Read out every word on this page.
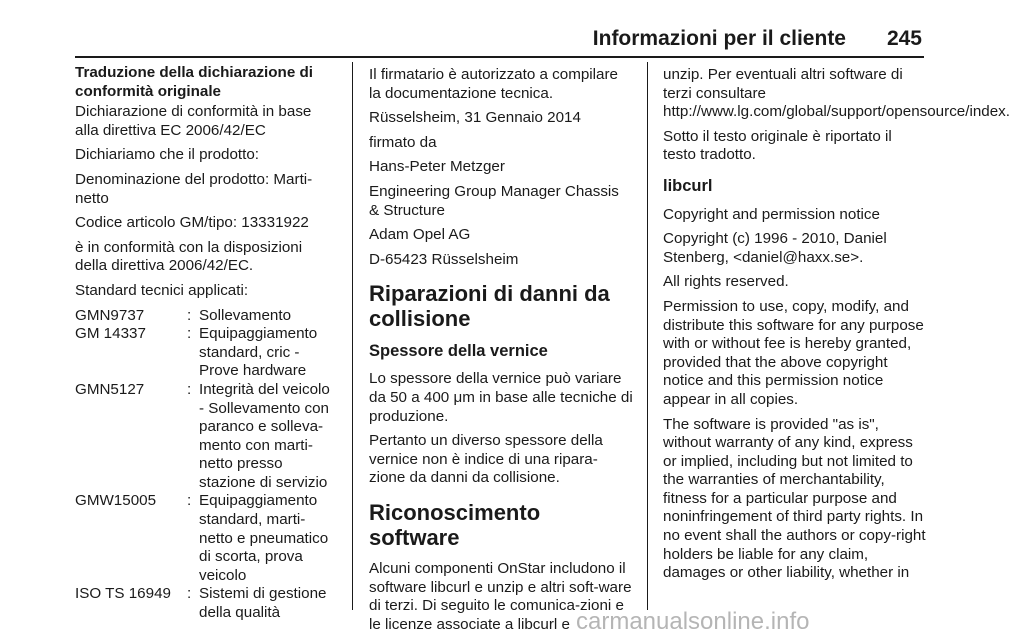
Informazioni per il cliente 245

Traduzione della dichiarazione di conformità originale

Dichiarazione di conformità in base alla direttiva EC 2006/42/EC

Dichiariamo che il prodotto:

Denominazione del prodotto: Marti-netto

Codice articolo GM/tipo: 13331922

è in conformità con la disposizioni della direttiva 2006/42/EC.

Standard tecnici applicati:

GMN9737	: Sollevamento
GM 14337	: Equipaggiamento standard, cric - Prove hardware
GMN5127	: Integrità del veicolo - Sollevamento con paranco e solleva-mento con marti-netto presso stazione di servizio
GMW15005	: Equipaggiamento standard, marti-netto e pneumatico di scorta, prova veicolo
ISO TS 16949	: Sistemi di gestione della qualità

Il firmatario è autorizzato a compilare la documentazione tecnica.

Rüsselsheim, 31 Gennaio 2014

firmato da

Hans-Peter Metzger

Engineering Group Manager Chassis & Structure

Adam Opel AG

D-65423 Rüsselsheim

Riparazioni di danni da collisione
Spessore della vernice

Lo spessore della vernice può variare da 50 a 400 μm in base alle tecniche di produzione.

Pertanto un diverso spessore della vernice non è indice di una ripara-zione da danni da collisione.

Riconoscimento software

Alcuni componenti OnStar includono il software libcurl e unzip e altri soft-ware di terzi. Di seguito le comunica-zioni e le licenze associate a libcurl e

unzip. Per eventuali altri software di terzi consultare http://www.lg.com/global/support/opensource/index.

Sotto il testo originale è riportato il testo tradotto.

libcurl

Copyright and permission notice

Copyright (c) 1996 - 2010, Daniel Stenberg, <daniel@haxx.se>.

All rights reserved.

Permission to use, copy, modify, and distribute this software for any purpose with or without fee is hereby granted, provided that the above copyright notice and this permission notice appear in all copies.

The software is provided "as is", without warranty of any kind, express or implied, including but not limited to the warranties of merchantability, fitness for a particular purpose and noninfringement of third party rights. In no event shall the authors or copy-right holders be liable for any claim, damages or other liability, whether in

carmanualsonline.info
